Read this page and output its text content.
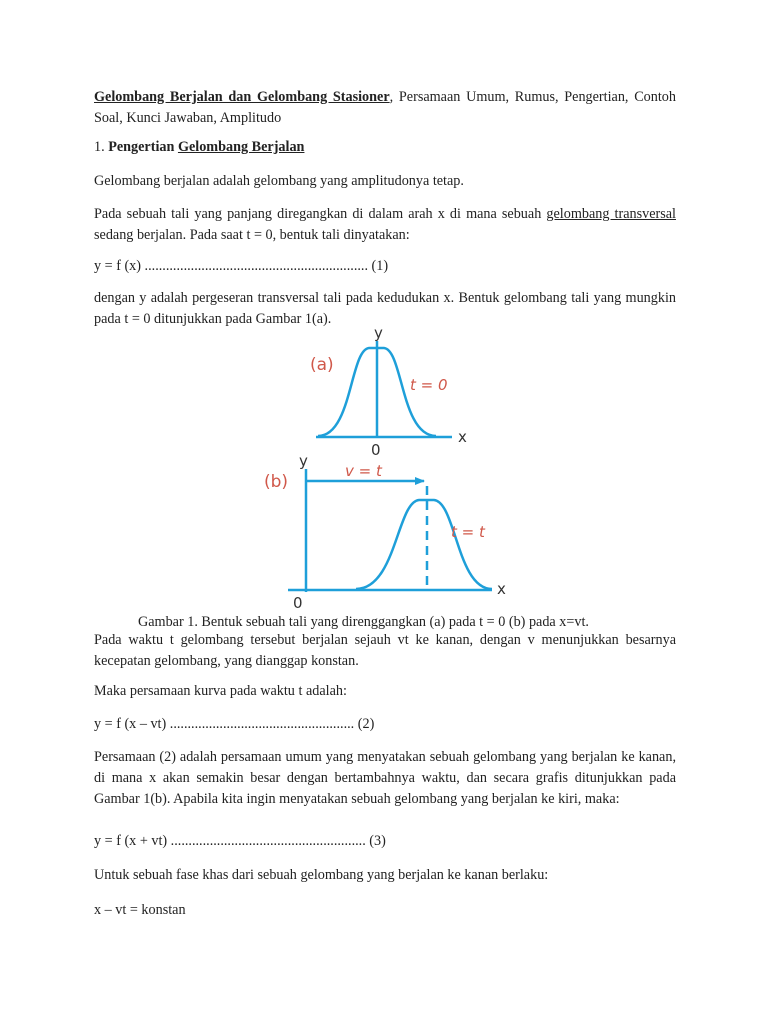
Gelombang Berjalan dan Gelombang Stasioner, Persamaan Umum, Rumus, Pengertian, Contoh Soal, Kunci Jawaban, Amplitudo

1. Pengertian Gelombang Berjalan

Gelombang berjalan adalah gelombang yang amplitudonya tetap.

Pada sebuah tali yang panjang diregangkan di dalam arah x di mana sebuah gelombang transversal sedang berjalan. Pada saat t = 0, bentuk tali dinyatakan:

y = f (x) ............................................................... (1)

dengan y adalah pergeseran transversal tali pada kedudukan x. Bentuk gelombang tali yang mungkin pada t = 0 ditunjukkan pada Gambar 1(a).

(a)
y
x
0
t = 0
(b)
y
x
0
v = t
t = t
Gambar 1. Bentuk sebuah tali yang direnggangkan (a) pada t = 0 (b) pada x=vt.

Pada waktu t gelombang tersebut berjalan sejauh vt ke kanan, dengan v menunjukkan besarnya kecepatan gelombang, yang dianggap konstan.

Maka persamaan kurva pada waktu t adalah:

y = f (x – vt) .................................................... (2)

Persamaan (2) adalah persamaan umum yang menyatakan sebuah gelombang yang berjalan ke kanan, di mana x akan semakin besar dengan bertambahnya waktu, dan secara grafis ditunjukkan pada Gambar 1(b). Apabila kita ingin menyatakan sebuah gelombang yang berjalan ke kiri, maka:

y = f (x + vt) ....................................................... (3)

Untuk sebuah fase khas dari sebuah gelombang yang berjalan ke kanan berlaku:

x – vt = konstan
